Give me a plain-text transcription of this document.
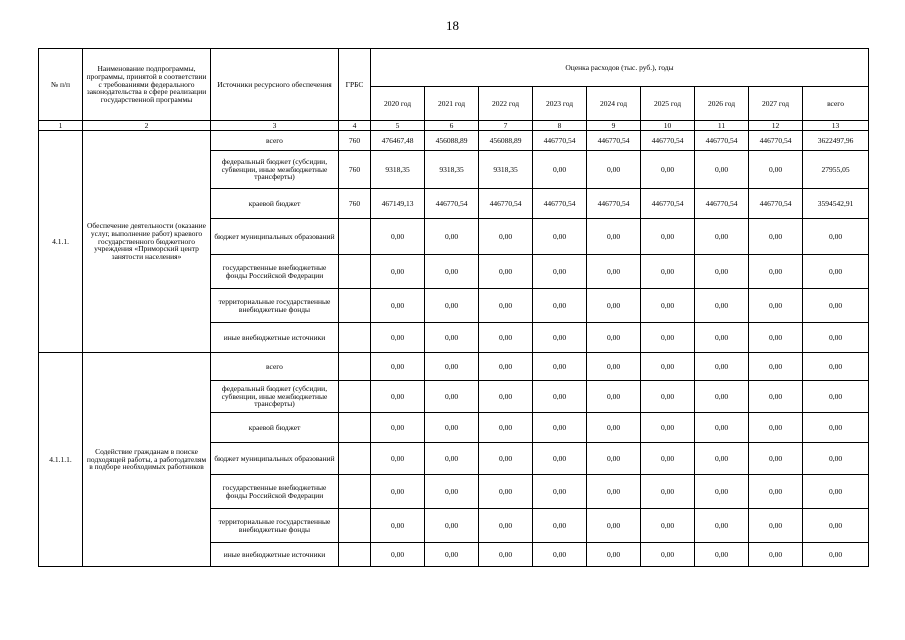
18
№ п/п	Наименование подпрограммы, программы, принятой в соответствии с требованиями федерального законодательства в сфере реализации государственной программы	Источники ресурсного обеспечения	ГРБС	Оценка расходов (тыс. руб.), годы								
				2020 год	2021 год	2022 год	2023 год	2024 год	2025 год	2026 год	2027 год	всего
1	2	3	4	5	6	7	8	9	10	11	12	13
4.1.1.	Обеспечение деятельности (оказание услуг, выполнение работ) краевого государственного бюджетного учреждения «Приморский центр занятости населения»	всего	760	476467,48	456088,89	456088,89	446770,54	446770,54	446770,54	446770,54	446770,54	3622497,96
		федеральный бюджет (субсидии, субвенции, иные межбюджетные трансферты)	760	9318,35	9318,35	9318,35	0,00	0,00	0,00	0,00	0,00	27955,05
		краевой бюджет	760	467149,13	446770,54	446770,54	446770,54	446770,54	446770,54	446770,54	446770,54	3594542,91
		бюджет муниципальных образований		0,00	0,00	0,00	0,00	0,00	0,00	0,00	0,00	0,00
		государственные внебюджетные фонды Российской Федерации		0,00	0,00	0,00	0,00	0,00	0,00	0,00	0,00	0,00
		территориальные государственные внебюджетные фонды		0,00	0,00	0,00	0,00	0,00	0,00	0,00	0,00	0,00
		иные внебюджетные источники		0,00	0,00	0,00	0,00	0,00	0,00	0,00	0,00	0,00
4.1.1.1.	Содействие гражданам в поиске подходящей работы, а работодателям в подборе необходимых работников	всего		0,00	0,00	0,00	0,00	0,00	0,00	0,00	0,00	0,00
		федеральный бюджет (субсидии, субвенции, иные межбюджетные трансферты)		0,00	0,00	0,00	0,00	0,00	0,00	0,00	0,00	0,00
		краевой бюджет		0,00	0,00	0,00	0,00	0,00	0,00	0,00	0,00	0,00
		бюджет муниципальных образований		0,00	0,00	0,00	0,00	0,00	0,00	0,00	0,00	0,00
		государственные внебюджетные фонды Российской Федерации		0,00	0,00	0,00	0,00	0,00	0,00	0,00	0,00	0,00
		территориальные государственные внебюджетные фонды		0,00	0,00	0,00	0,00	0,00	0,00	0,00	0,00	0,00
		иные внебюджетные источники		0,00	0,00	0,00	0,00	0,00	0,00	0,00	0,00	0,00
